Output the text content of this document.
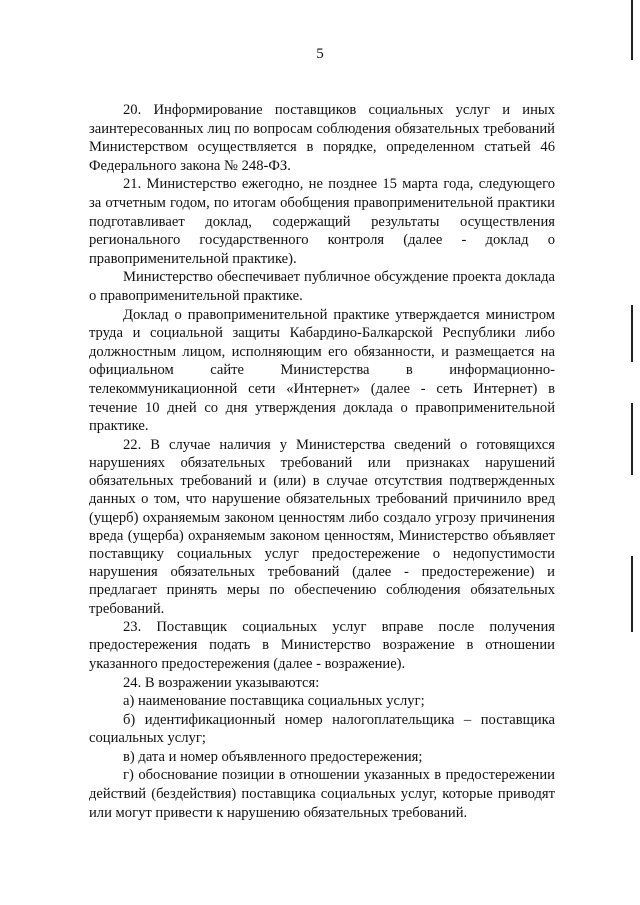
5

20. Информирование поставщиков социальных услуг и иных заинтересованных лиц по вопросам соблюдения обязательных требований Министерством осуществляется в порядке, определенном статьей 46 Федерального закона № 248-ФЗ.

21. Министерство ежегодно, не позднее 15 марта года, следующего за отчетным годом, по итогам обобщения правоприменительной практики подготавливает доклад, содержащий результаты осуществления регионального государственного контроля (далее - доклад о правоприменительной практике).

Министерство обеспечивает публичное обсуждение проекта доклада о правоприменительной практике.

Доклад о правоприменительной практике утверждается министром труда и социальной защиты Кабардино-Балкарской Республики либо должностным лицом, исполняющим его обязанности, и размещается на официальном сайте Министерства в информационно-телекоммуникационной сети «Интернет» (далее - сеть Интернет) в течение 10 дней со дня утверждения доклада о правоприменительной практике.

22. В случае наличия у Министерства сведений о готовящихся нарушениях обязательных требований или признаках нарушений обязательных требований и (или) в случае отсутствия подтвержденных данных о том, что нарушение обязательных требований причинило вред (ущерб) охраняемым законом ценностям либо создало угрозу причинения вреда (ущерба) охраняемым законом ценностям, Министерство объявляет поставщику социальных услуг предостережение о недопустимости нарушения обязательных требований (далее - предостережение) и предлагает принять меры по обеспечению соблюдения обязательных требований.

23. Поставщик социальных услуг вправе после получения предостережения подать в Министерство возражение в отношении указанного предостережения (далее - возражение).

24. В возражении указываются:

а) наименование поставщика социальных услуг;

б) идентификационный номер налогоплательщика – поставщика социальных услуг;

в) дата и номер объявленного предостережения;

г) обоснование позиции в отношении указанных в предостережении действий (бездействия) поставщика социальных услуг, которые приводят или могут привести к нарушению обязательных требований.
